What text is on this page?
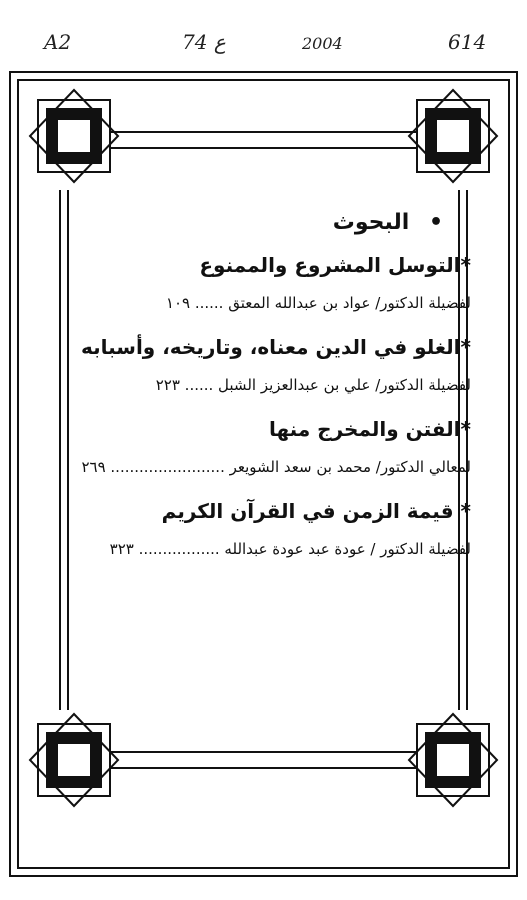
A2	74 ع	2004	614
• البحوث
*التوسل المشروع والممنوع
لفضيلة الدكتور/ عواد بن عبدالله المعتق ...... ١٠٩
*الغلو في الدين معناه، وتاريخه، وأسبابه
لفضيلة الدكتور/ علي بن عبدالعزيز الشبل ...... ٢٢٣
*الفتن والمخرج منها
لمعالي الدكتور/ محمد بن سعد الشويعر ........................ ٢٦٩
* قيمة الزمن في القرآن الكريم
لفضيلة الدكتور / عودة عبد عودة عبدالله ................. ٣٢٣
